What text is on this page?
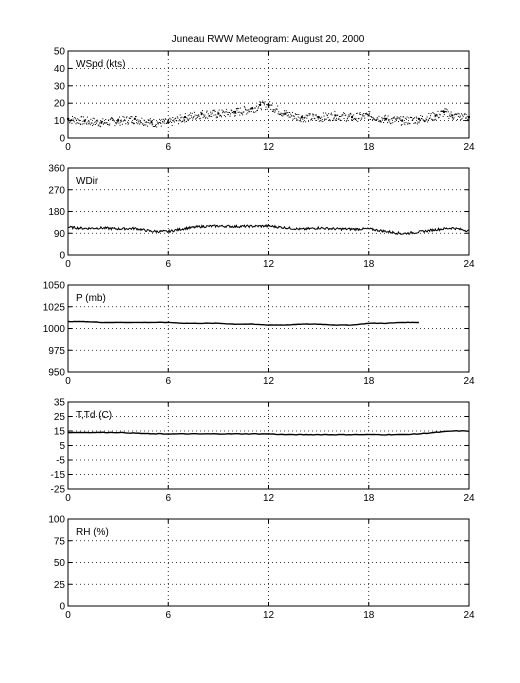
Juneau RWW Meteogram: August 20, 2000
0	6	12	18	24
0
10
20
30
40
50
WSpd (kts)
0	6	12	18	24
0
90
180
270
360
WDir
0	6	12	18	24
950
975
1000
1025
1050
P (mb)
0	6	12	18	24
-25
-15
-5
5
15
25
35
T,Td (C)
0	6	12	18	24
0
25
50
75
100
RH (%)
